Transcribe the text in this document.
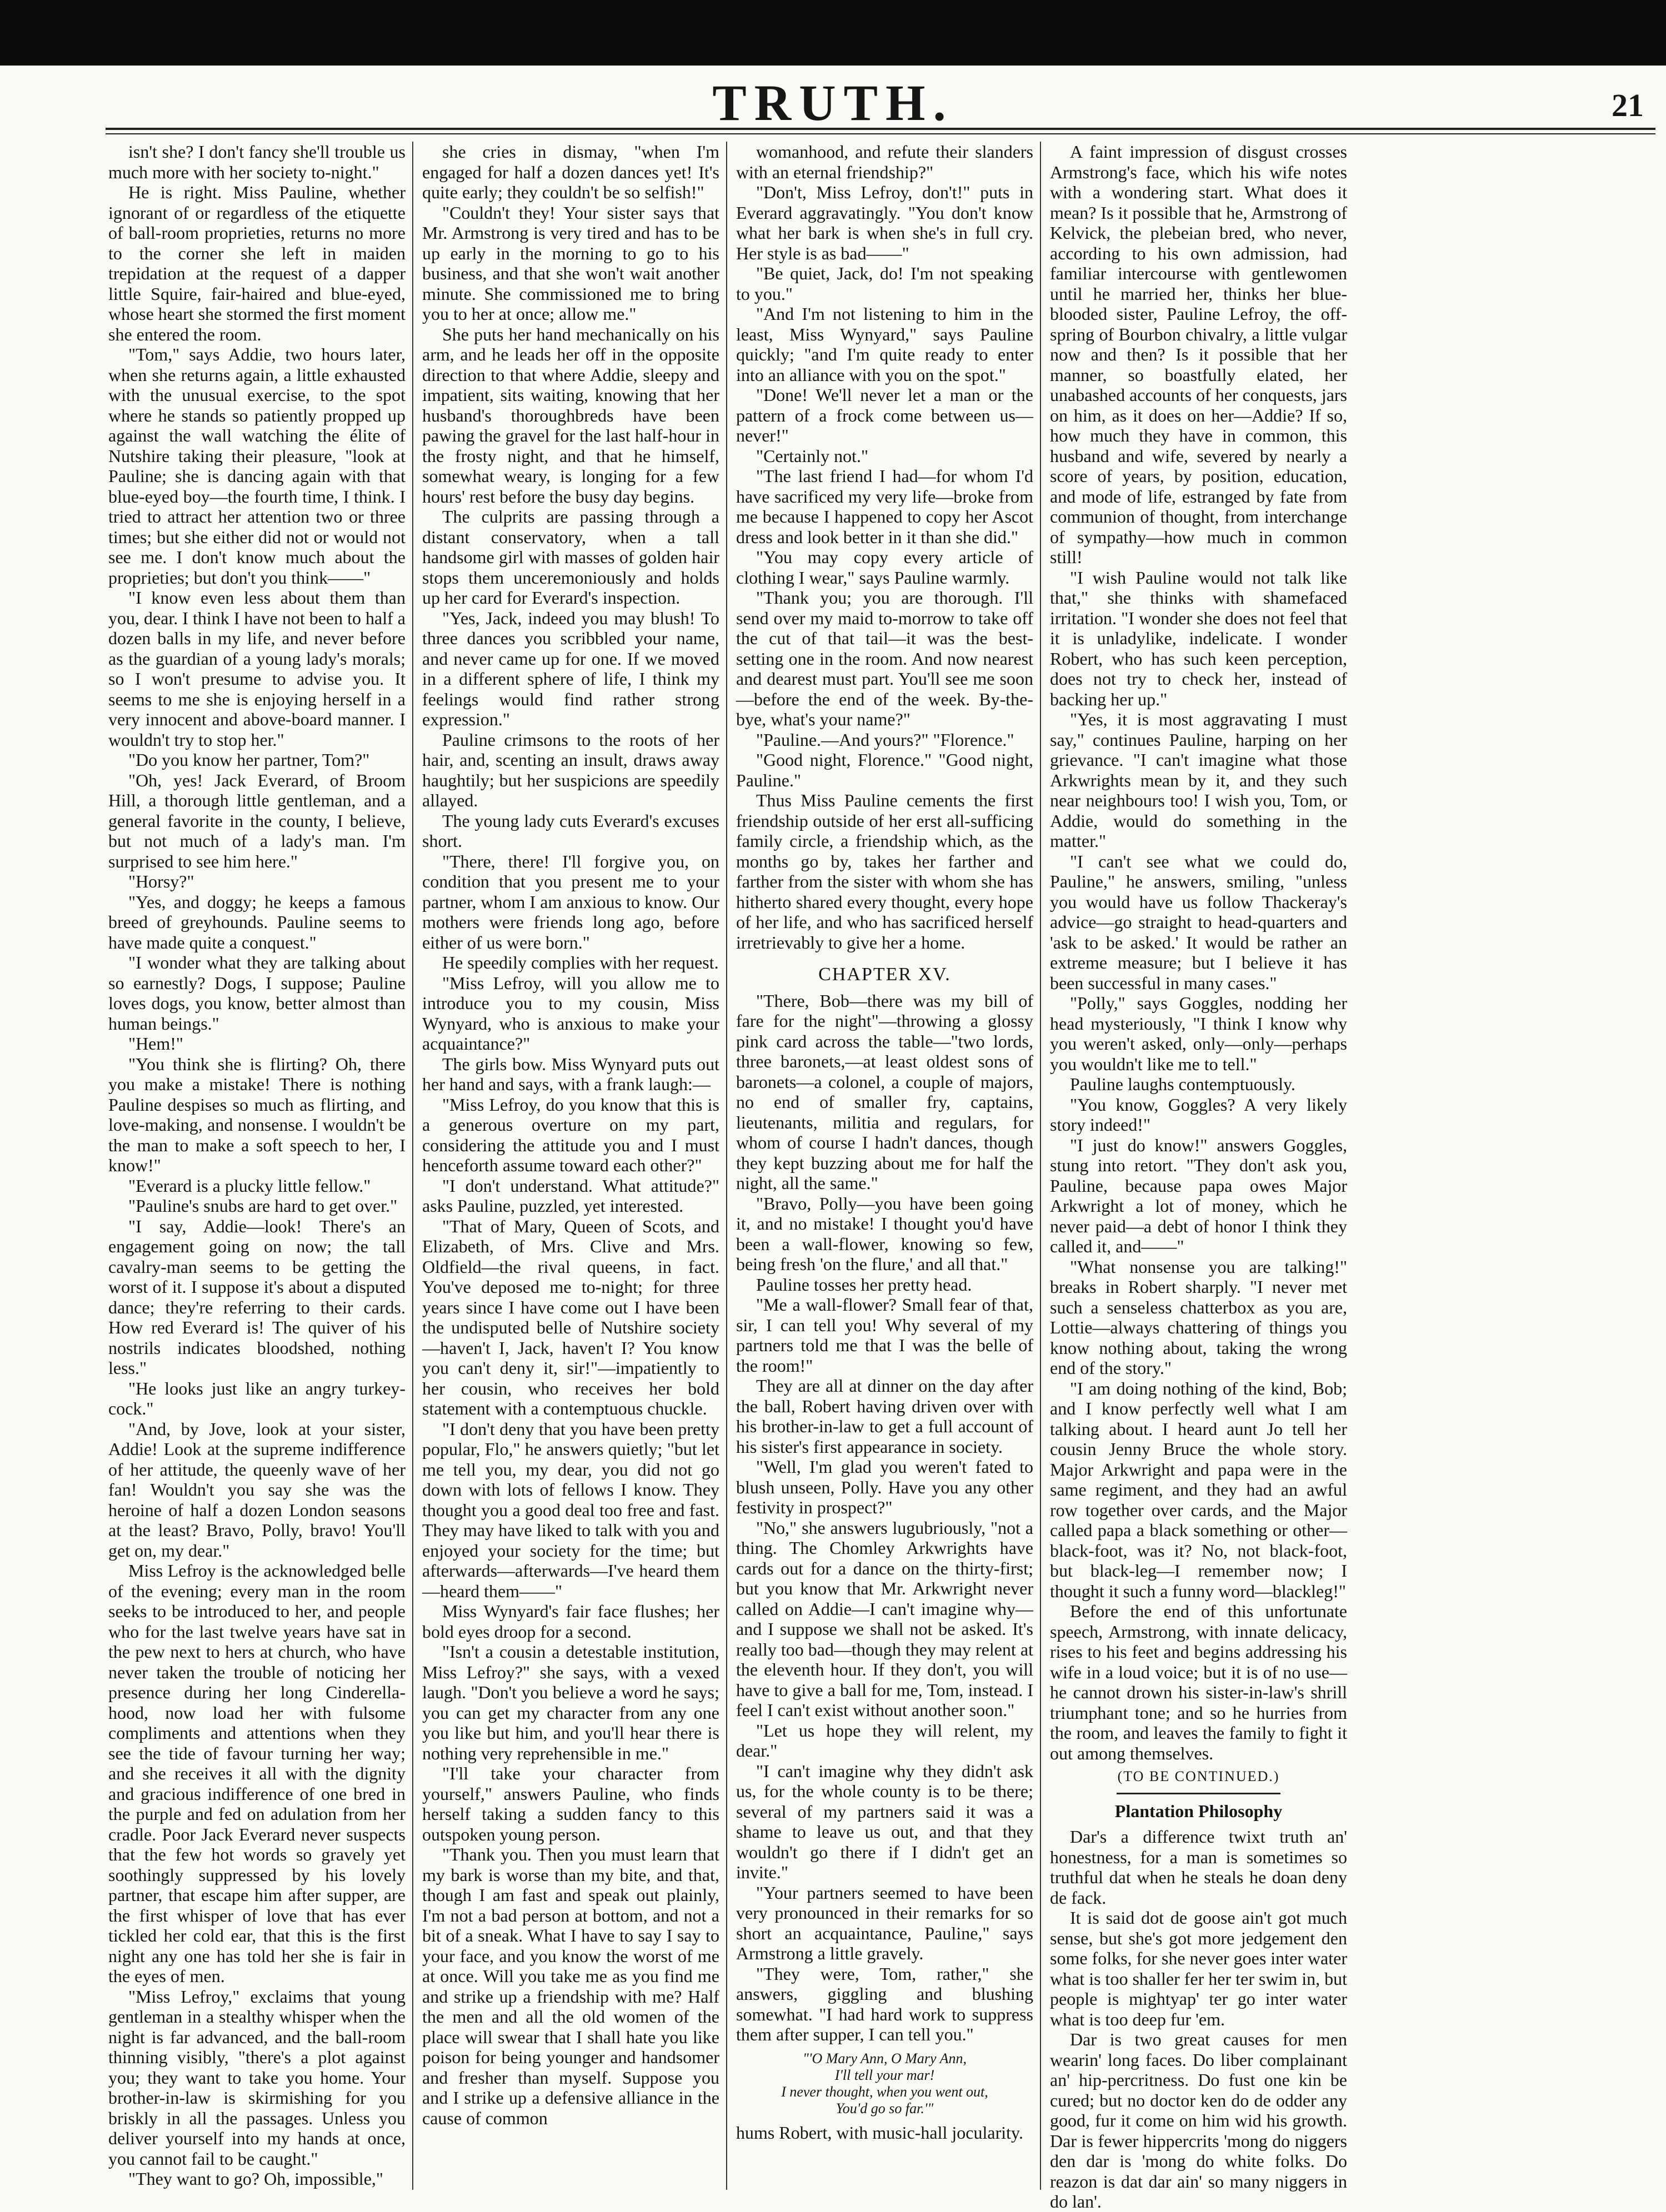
TRUTH.	21

isn't she? I don't fancy she'll trouble us much more with her society to-night."

He is right. Miss Pauline, whether ignorant of or regardless of the etiquette of ball-room proprieties, returns no more to the corner she left in maiden trepidation at the request of a dapper little Squire, fair-haired and blue-eyed, whose heart she stormed the first moment she entered the room.

"Tom," says Addie, two hours later, when she returns again, a little exhausted with the unusual exercise, to the spot where he stands so patiently propped up against the wall watching the élite of Nutshire taking their pleasure, "look at Pauline; she is dancing again with that blue-eyed boy—the fourth time, I think. I tried to attract her attention two or three times; but she either did not or would not see me. I don't know much about the proprieties; but don't you think——"

"I know even less about them than you, dear. I think I have not been to half a dozen balls in my life, and never before as the guardian of a young lady's morals; so I won't presume to advise you. It seems to me she is enjoying herself in a very innocent and above-board manner. I wouldn't try to stop her."

"Do you know her partner, Tom?"

"Oh, yes! Jack Everard, of Broom Hill, a thorough little gentleman, and a general favorite in the county, I believe, but not much of a lady's man. I'm surprised to see him here."

"Horsy?"

"Yes, and doggy; he keeps a famous breed of greyhounds. Pauline seems to have made quite a conquest."

"I wonder what they are talking about so earnestly? Dogs, I suppose; Pauline loves dogs, you know, better almost than human beings."

"Hem!"

"You think she is flirting? Oh, there you make a mistake! There is nothing Pauline despises so much as flirting, and love-making, and nonsense. I wouldn't be the man to make a soft speech to her, I know!"

"Everard is a plucky little fellow."

"Pauline's snubs are hard to get over."

"I say, Addie—look! There's an engagement going on now; the tall cavalry-man seems to be getting the worst of it. I suppose it's about a disputed dance; they're referring to their cards. How red Everard is! The quiver of his nostrils indicates bloodshed, nothing less."

"He looks just like an angry turkey-cock."

"And, by Jove, look at your sister, Addie! Look at the supreme indifference of her attitude, the queenly wave of her fan! Wouldn't you say she was the heroine of half a dozen London seasons at the least? Bravo, Polly, bravo! You'll get on, my dear."

Miss Lefroy is the acknowledged belle of the evening; every man in the room seeks to be introduced to her, and people who for the last twelve years have sat in the pew next to hers at church, who have never taken the trouble of noticing her presence during her long Cinderella-hood, now load her with fulsome compliments and attentions when they see the tide of favour turning her way; and she receives it all with the dignity and gracious indifference of one bred in the purple and fed on adulation from her cradle. Poor Jack Everard never suspects that the few hot words so gravely yet soothingly suppressed by his lovely partner, that escape him after supper, are the first whisper of love that has ever tickled her cold ear, that this is the first night any one has told her she is fair in the eyes of men.

"Miss Lefroy," exclaims that young gentleman in a stealthy whisper when the night is far advanced, and the ball-room thinning visibly, "there's a plot against you; they want to take you home. Your brother-in-law is skirmishing for you briskly in all the passages. Unless you deliver yourself into my hands at once, you cannot fail to be caught."

"They want to go? Oh, impossible,"

she cries in dismay, "when I'm engaged for half a dozen dances yet! It's quite early; they couldn't be so selfish!"

"Couldn't they! Your sister says that Mr. Armstrong is very tired and has to be up early in the morning to go to his business, and that she won't wait another minute. She commissioned me to bring you to her at once; allow me."

She puts her hand mechanically on his arm, and he leads her off in the opposite direction to that where Addie, sleepy and impatient, sits waiting, knowing that her husband's thoroughbreds have been pawing the gravel for the last half-hour in the frosty night, and that he himself, somewhat weary, is longing for a few hours' rest before the busy day begins.

The culprits are passing through a distant conservatory, when a tall handsome girl with masses of golden hair stops them unceremoniously and holds up her card for Everard's inspection.

"Yes, Jack, indeed you may blush! To three dances you scribbled your name, and never came up for one. If we moved in a different sphere of life, I think my feelings would find rather strong expression."

Pauline crimsons to the roots of her hair, and, scenting an insult, draws away haughtily; but her suspicions are speedily allayed.

The young lady cuts Everard's excuses short.

"There, there! I'll forgive you, on condition that you present me to your partner, whom I am anxious to know. Our mothers were friends long ago, before either of us were born."

He speedily complies with her request.

"Miss Lefroy, will you allow me to introduce you to my cousin, Miss Wynyard, who is anxious to make your acquaintance?"

The girls bow. Miss Wynyard puts out her hand and says, with a frank laugh:—

"Miss Lefroy, do you know that this is a generous overture on my part, considering the attitude you and I must henceforth assume toward each other?"

"I don't understand. What attitude?" asks Pauline, puzzled, yet interested.

"That of Mary, Queen of Scots, and Elizabeth, of Mrs. Clive and Mrs. Oldfield—the rival queens, in fact. You've deposed me to-night; for three years since I have come out I have been the undisputed belle of Nutshire society—haven't I, Jack, haven't I? You know you can't deny it, sir!"—impatiently to her cousin, who receives her bold statement with a contemptuous chuckle.

"I don't deny that you have been pretty popular, Flo," he answers quietly; "but let me tell you, my dear, you did not go down with lots of fellows I know. They thought you a good deal too free and fast. They may have liked to talk with you and enjoyed your society for the time; but afterwards—afterwards—I've heard them—heard them——"

Miss Wynyard's fair face flushes; her bold eyes droop for a second.

"Isn't a cousin a detestable institution, Miss Lefroy?" she says, with a vexed laugh. "Don't you believe a word he says; you can get my character from any one you like but him, and you'll hear there is nothing very reprehensible in me."

"I'll take your character from yourself," answers Pauline, who finds herself taking a sudden fancy to this outspoken young person.

"Thank you. Then you must learn that my bark is worse than my bite, and that, though I am fast and speak out plainly, I'm not a bad person at bottom, and not a bit of a sneak. What I have to say I say to your face, and you know the worst of me at once. Will you take me as you find me and strike up a friendship with me? Half the men and all the old women of the place will swear that I shall hate you like poison for being younger and handsomer and fresher than myself. Suppose you and I strike up a defensive alliance in the cause of common

womanhood, and refute their slanders with an eternal friendship?"

"Don't, Miss Lefroy, don't!" puts in Everard aggravatingly. "You don't know what her bark is when she's in full cry. Her style is as bad——"

"Be quiet, Jack, do! I'm not speaking to you."

"And I'm not listening to him in the least, Miss Wynyard," says Pauline quickly; "and I'm quite ready to enter into an alliance with you on the spot."

"Done! We'll never let a man or the pattern of a frock come between us—never!"

"Certainly not."

"The last friend I had—for whom I'd have sacrificed my very life—broke from me because I happened to copy her Ascot dress and look better in it than she did."

"You may copy every article of clothing I wear," says Pauline warmly.

"Thank you; you are thorough. I'll send over my maid to-morrow to take off the cut of that tail—it was the best-setting one in the room. And now nearest and dearest must part. You'll see me soon—before the end of the week. By-the-bye, what's your name?"

"Pauline.—And yours?" "Florence."

"Good night, Florence." "Good night, Pauline."

Thus Miss Pauline cements the first friendship outside of her erst all-sufficing family circle, a friendship which, as the months go by, takes her farther and farther from the sister with whom she has hitherto shared every thought, every hope of her life, and who has sacrificed herself irretrievably to give her a home.

CHAPTER XV.

"There, Bob—there was my bill of fare for the night"—throwing a glossy pink card across the table—"two lords, three baronets,—at least oldest sons of baronets—a colonel, a couple of majors, no end of smaller fry, captains, lieutenants, militia and regulars, for whom of course I hadn't dances, though they kept buzzing about me for half the night, all the same."

"Bravo, Polly—you have been going it, and no mistake! I thought you'd have been a wall-flower, knowing so few, being fresh 'on the flure,' and all that."

Pauline tosses her pretty head.

"Me a wall-flower? Small fear of that, sir, I can tell you! Why several of my partners told me that I was the belle of the room!"

They are all at dinner on the day after the ball, Robert having driven over with his brother-in-law to get a full account of his sister's first appearance in society.

"Well, I'm glad you weren't fated to blush unseen, Polly. Have you any other festivity in prospect?"

"No," she answers lugubriously, "not a thing. The Chomley Arkwrights have cards out for a dance on the thirty-first; but you know that Mr. Arkwright never called on Addie—I can't imagine why—and I suppose we shall not be asked. It's really too bad—though they may relent at the eleventh hour. If they don't, you will have to give a ball for me, Tom, instead. I feel I can't exist without another soon."

"Let us hope they will relent, my dear."

"I can't imagine why they didn't ask us, for the whole county is to be there; several of my partners said it was a shame to leave us out, and that they wouldn't go there if I didn't get an invite."

"Your partners seemed to have been very pronounced in their remarks for so short an acquaintance, Pauline," says Armstrong a little gravely.

"They were, Tom, rather," she answers, giggling and blushing somewhat. "I had hard work to suppress them after supper, I can tell you."

"'O Mary Ann, O Mary Ann,
I'll tell your mar!
I never thought, when you went out,
You'd go so far.'"

hums Robert, with music-hall jocularity.

A faint impression of disgust crosses Armstrong's face, which his wife notes with a wondering start. What does it mean? Is it possible that he, Armstrong of Kelvick, the plebeian bred, who never, according to his own admission, had familiar intercourse with gentlewomen until he married her, thinks her blue-blooded sister, Pauline Lefroy, the off-spring of Bourbon chivalry, a little vulgar now and then? Is it possible that her manner, so boastfully elated, her unabashed accounts of her conquests, jars on him, as it does on her—Addie? If so, how much they have in common, this husband and wife, severed by nearly a score of years, by position, education, and mode of life, estranged by fate from communion of thought, from interchange of sympathy—how much in common still!

"I wish Pauline would not talk like that," she thinks with shamefaced irritation. "I wonder she does not feel that it is unladylike, indelicate. I wonder Robert, who has such keen perception, does not try to check her, instead of backing her up."

"Yes, it is most aggravating I must say," continues Pauline, harping on her grievance. "I can't imagine what those Arkwrights mean by it, and they such near neighbours too! I wish you, Tom, or Addie, would do something in the matter."

"I can't see what we could do, Pauline," he answers, smiling, "unless you would have us follow Thackeray's advice—go straight to head-quarters and 'ask to be asked.' It would be rather an extreme measure; but I believe it has been successful in many cases."

"Polly," says Goggles, nodding her head mysteriously, "I think I know why you weren't asked, only—only—perhaps you wouldn't like me to tell."

Pauline laughs contemptuously.

"You know, Goggles? A very likely story indeed!"

"I just do know!" answers Goggles, stung into retort. "They don't ask you, Pauline, because papa owes Major Arkwright a lot of money, which he never paid—a debt of honor I think they called it, and——"

"What nonsense you are talking!" breaks in Robert sharply. "I never met such a senseless chatterbox as you are, Lottie—always chattering of things you know nothing about, taking the wrong end of the story."

"I am doing nothing of the kind, Bob; and I know perfectly well what I am talking about. I heard aunt Jo tell her cousin Jenny Bruce the whole story. Major Arkwright and papa were in the same regiment, and they had an awful row together over cards, and the Major called papa a black something or other—black-foot, was it? No, not black-foot, but black-leg—I remember now; I thought it such a funny word—blackleg!"

Before the end of this unfortunate speech, Armstrong, with innate delicacy, rises to his feet and begins addressing his wife in a loud voice; but it is of no use—he cannot drown his sister-in-law's shrill triumphant tone; and so he hurries from the room, and leaves the family to fight it out among themselves.

(TO BE CONTINUED.)
Plantation Philosophy

Dar's a difference twixt truth an' honestness, for a man is sometimes so truthful dat when he steals he doan deny de fack.

It is said dot de goose ain't got much sense, but she's got more jedgement den some folks, for she never goes inter water what is too shaller fer her ter swim in, but people is mightyap' ter go inter water what is too deep fur 'em.

Dar is two great causes for men wearin' long faces. Do liber complainant an' hip-percritness. Do fust one kin be cured; but no doctor ken do de odder any good, fur it come on him wid his growth. Dar is fewer hippercrits 'mong do niggers den dar is 'mong do white folks. Do reazon is dat dar ain' so many niggers in do lan'.
